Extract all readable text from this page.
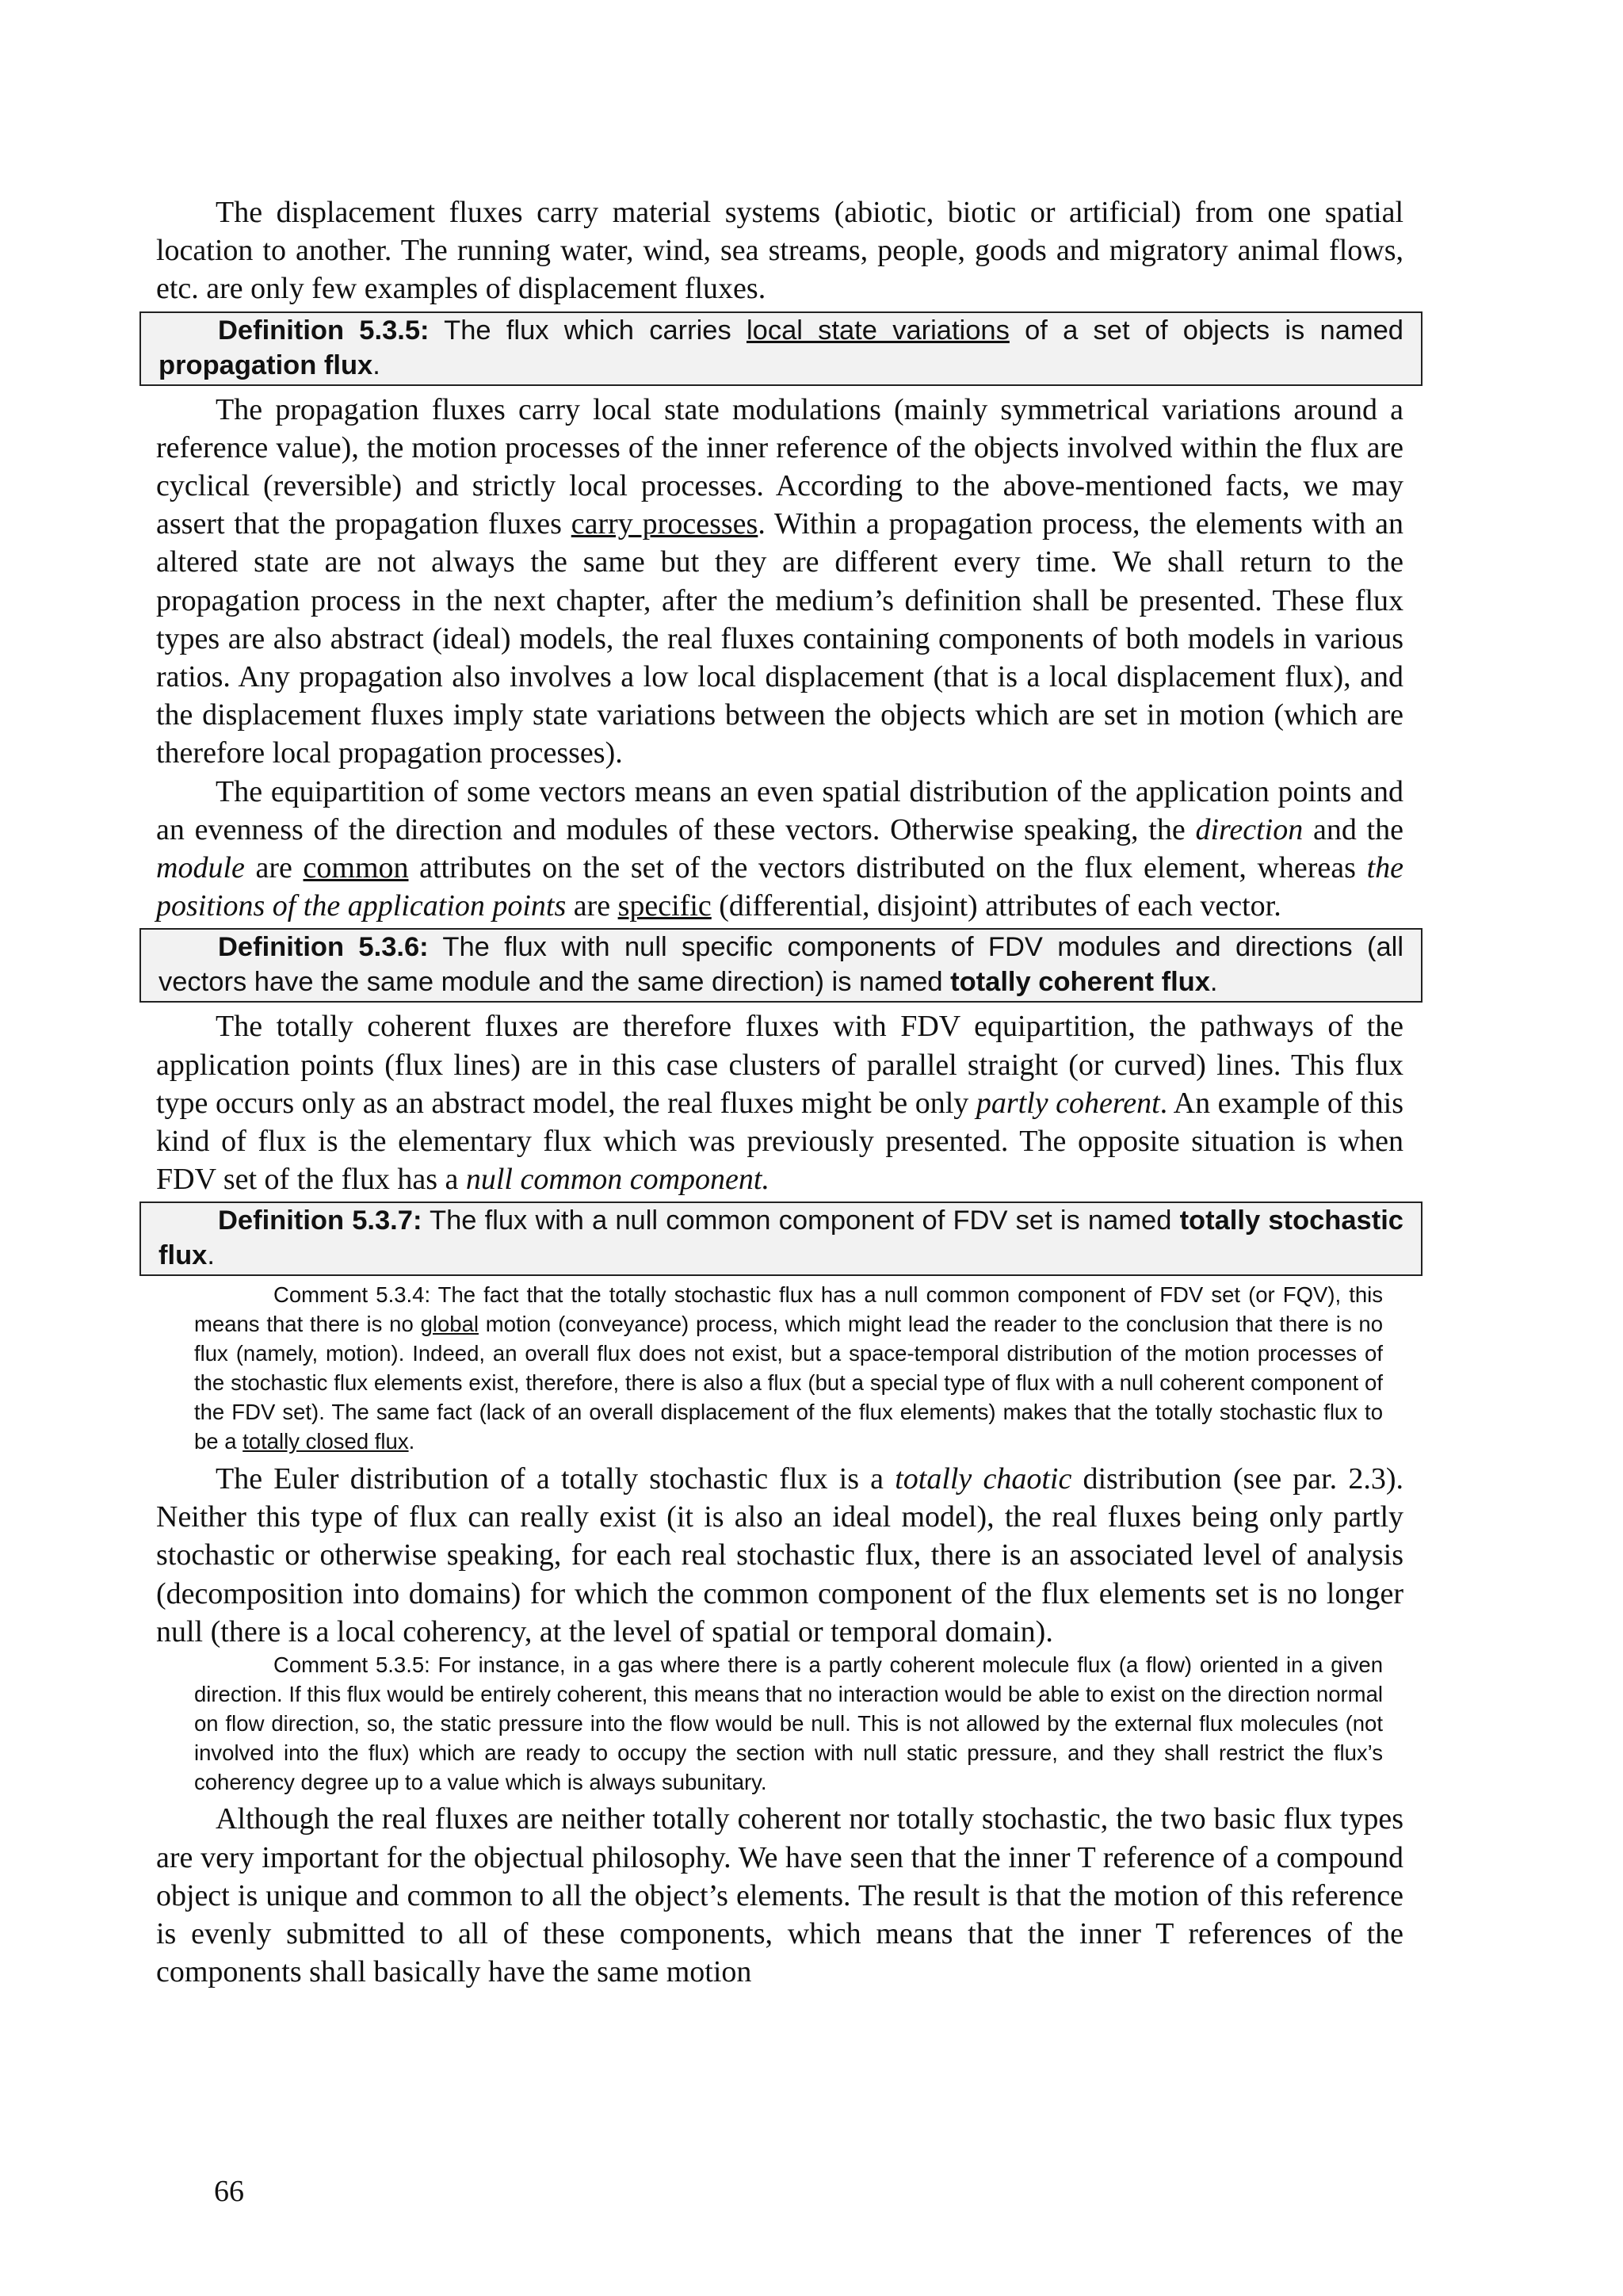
The displacement fluxes carry material systems (abiotic, biotic or artificial) from one spatial location to another. The running water, wind, sea streams, people, goods and migratory animal flows, etc. are only few examples of displacement fluxes.

Definition 5.3.5: The flux which carries local state variations of a set of objects is named propagation flux.

The propagation fluxes carry local state modulations (mainly symmetrical variations around a reference value), the motion processes of the inner reference of the objects involved within the flux are cyclical (reversible) and strictly local processes. According to the above-mentioned facts, we may assert that the propagation fluxes carry processes. Within a propagation process, the elements with an altered state are not always the same but they are different every time. We shall return to the propagation process in the next chapter, after the medium’s definition shall be presented. These flux types are also abstract (ideal) models, the real fluxes containing components of both models in various ratios. Any propagation also involves a low local displacement (that is a local displacement flux), and the displacement fluxes imply state variations between the objects which are set in motion (which are therefore local propagation processes).

The equipartition of some vectors means an even spatial distribution of the application points and an evenness of the direction and modules of these vectors. Otherwise speaking, the direction and the module are common attributes on the set of the vectors distributed on the flux element, whereas the positions of the application points are specific (differential, disjoint) attributes of each vector.

Definition 5.3.6: The flux with null specific components of FDV modules and directions (all vectors have the same module and the same direction) is named totally coherent flux.

The totally coherent fluxes are therefore fluxes with FDV equipartition, the pathways of the application points (flux lines) are in this case clusters of parallel straight (or curved) lines. This flux type occurs only as an abstract model, the real fluxes might be only partly coherent. An example of this kind of flux is the elementary flux which was previously presented. The opposite situation is when FDV set of the flux has a null common component.

Definition 5.3.7: The flux with a null common component of FDV set is named totally stochastic flux.

Comment 5.3.4: The fact that the totally stochastic flux has a null common component of FDV set (or FQV), this means that there is no global motion (conveyance) process, which might lead the reader to the conclusion that there is no flux (namely, motion). Indeed, an overall flux does not exist, but a space-temporal distribution of the motion processes of the stochastic flux elements exist, therefore, there is also a flux (but a special type of flux with a null coherent component of the FDV set). The same fact (lack of an overall displacement of the flux elements) makes that the totally stochastic flux to be a totally closed flux.

The Euler distribution of a totally stochastic flux is a totally chaotic distribution (see par. 2.3). Neither this type of flux can really exist (it is also an ideal model), the real fluxes being only partly stochastic or otherwise speaking, for each real stochastic flux, there is an associated level of analysis (decomposition into domains) for which the common component of the flux elements set is no longer null (there is a local coherency, at the level of spatial or temporal domain).

Comment 5.3.5: For instance, in a gas where there is a partly coherent molecule flux (a flow) oriented in a given direction. If this flux would be entirely coherent, this means that no interaction would be able to exist on the direction normal on flow direction, so, the static pressure into the flow would be null. This is not allowed by the external flux molecules (not involved into the flux) which are ready to occupy the section with null static pressure, and they shall restrict the flux’s coherency degree up to a value which is always subunitary.

Although the real fluxes are neither totally coherent nor totally stochastic, the two basic flux types are very important for the objectual philosophy. We have seen that the inner T reference of a compound object is unique and common to all the object’s elements. The result is that the motion of this reference is evenly submitted to all of these components, which means that the inner T references of the components shall basically have the same motion

66
